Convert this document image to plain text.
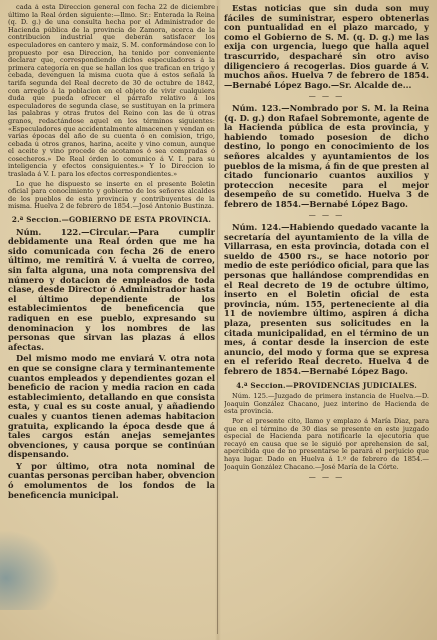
cada á esta Direccion general con fecha 22 de diciembre último la Real órden siguiente:—Ilmo. Sr.: Enterada la Reina (q. D. g.) de una consulta hecha por el Administrador de Hacienda pública de la provincia de Zamora, acerca de la contribucion industrial que deberán satisfacer los especuladores en cantero y maiz, S. M. conformándose con lo propuesto por esa Direccion, ha tenido por conveniente declarar que, correspondiendo dichos especuladores á la primera categoría en que se hallan los que trafican en trigo y cebada, devenguen la misma cuota que á estos señala la tarifa segunda del Real decreto de 30 de octubre de 1842, con arreglo á la poblacion en el objeto de vivir cualquiera duda que pueda ofrecer el párrafo relativo á los especuladores de segunda clase, se sustituyan en la primera las palabras y otras frutos del Reino con las de ú otras granos, redactándose aquel en los términos siguientes: «Especuladores que accidentalmente almacenen y vendan en varias épocas del año de su cuenta ó en comision, trigo, cebada ú otros granos, harina, aceite y vino comun, aunque el aceite y vino procede de acotamos ó sea compradas ó cosecheros.» De Real órden lo comunico á V. I. para su inteligencia y efectos consiguientes.» Y lo Direccion lo traslada á V. I. para los efectos correspondientes.»

Lo que he dispuesto se inserte en el presente Boletin oficial para conocimiento y gobierno de los señores alcaldes de los pueblos de esta provincia y contribuyentes de la misma. Huelva 2 de febrero de 1854.—José Antonio Bustinza.

2.ª Seccion.—GOBIERNO DE ESTA PROVINCIA.

Núm. 122.—Circular.—Para cumplir debidamente una Real órden que me ha sido comunicada con fecha 26 de enero último, me remitirá V. á vuelta de correo, sin falta alguna, una nota comprensiva del número y dotacion de empleados de toda clase, desde Director ó Administrador hasta el último dependiente de los establecimientos de beneficencia que radiquen en ese pueblo, expresando su denominacion y los nombres de las personas que sirvan las plazas á ellos afectas.

Del mismo modo me enviará V. otra nota en que se consigne clara y terminantemente cuantos empleados y dependientes gozan el beneficio de racion y media racion en cada establecimiento, detallando en que consista esta, y cual es su coste anual, y añadiendo cuales y cuantos tienen ademas habitacion gratuita, explicando la época desde que á tales cargos están anejas semejantes obvenciones, y causa porque se continúan dispensando.

Y por último, otra nota nominal de cuantas personas perciban haber, obvencion ó emolumentos de los fondos de la beneficencia municipal.

Estas noticias que sin duda son muy fáciles de suministrar, espero obtenerlas con puntualidad en el plazo marcado, y como el Gobierno de S. M. (q. D. g.) me las exija con urgencia, luego que halla aquel trascurrido, despacharé sin otro aviso diligenciero á recogerlas. Dios guarde á V. muchos años. Huelva 7 de febrero de 1854.—Bernabé López Bago.—Sr. Alcalde de...

— — —

Núm. 123.—Nombrado por S. M. la Reina (q. D. g.) don Rafael Sobremonte, agente de la Hacienda pública de esta provincia, y habiendo tomado posesion de dicho destino, lo pongo en conocimiento de los señores alcaldes y ayuntamientos de los pueblos de la misma, á fin de que presten al citado funcionario cuantos auxilios y proteccion necesite para el mejor desempeño de su cometido. Huelva 3 de febrero de 1854.—Bernabé López Bago.

— — —

Núm. 124.—Habiendo quedado vacante la secretaría del ayuntamiento de la villa de Villarrasa, en esta provincia, dotada con el sueldo de 4500 rs., se hace notorio por medio de este periódico oficial, para que las personas que hallándose comprendidas en el Real decreto de 19 de octubre último, inserto en el Boletin oficial de esta provincia, núm. 155, perteneciente al dia 11 de noviembre último, aspiren á dicha plaza, presenten sus solicitudes en la citada municipalidad, en el término de un mes, á contar desde la insercion de este anuncio, del modo y forma que se expresa en el referido Real decreto. Huelva 4 de febrero de 1854.—Bernabé López Bago.

4.ª Seccion.—PROVIDENCIAS JUDICIALES.

Núm. 125.—Juzgado de primera instancia de Huelva.—D. Joaquin González Chacano, juez interino de Hacienda de esta provincia.

Por el presente cito, llamo y emplazo á María Diaz, para que en el término de 30 dias se presente en este juzgado especial de Hacienda para notificarle la ejecutoria que recayó en causa que se le siguió por aprehension de sal, apercibida que de no presentarse le parará el perjuicio que haya lugar. Dado en Huelva á 1.º de febrero de 1854.—Joaquin González Chacano.—José María de la Córte.

— — —
